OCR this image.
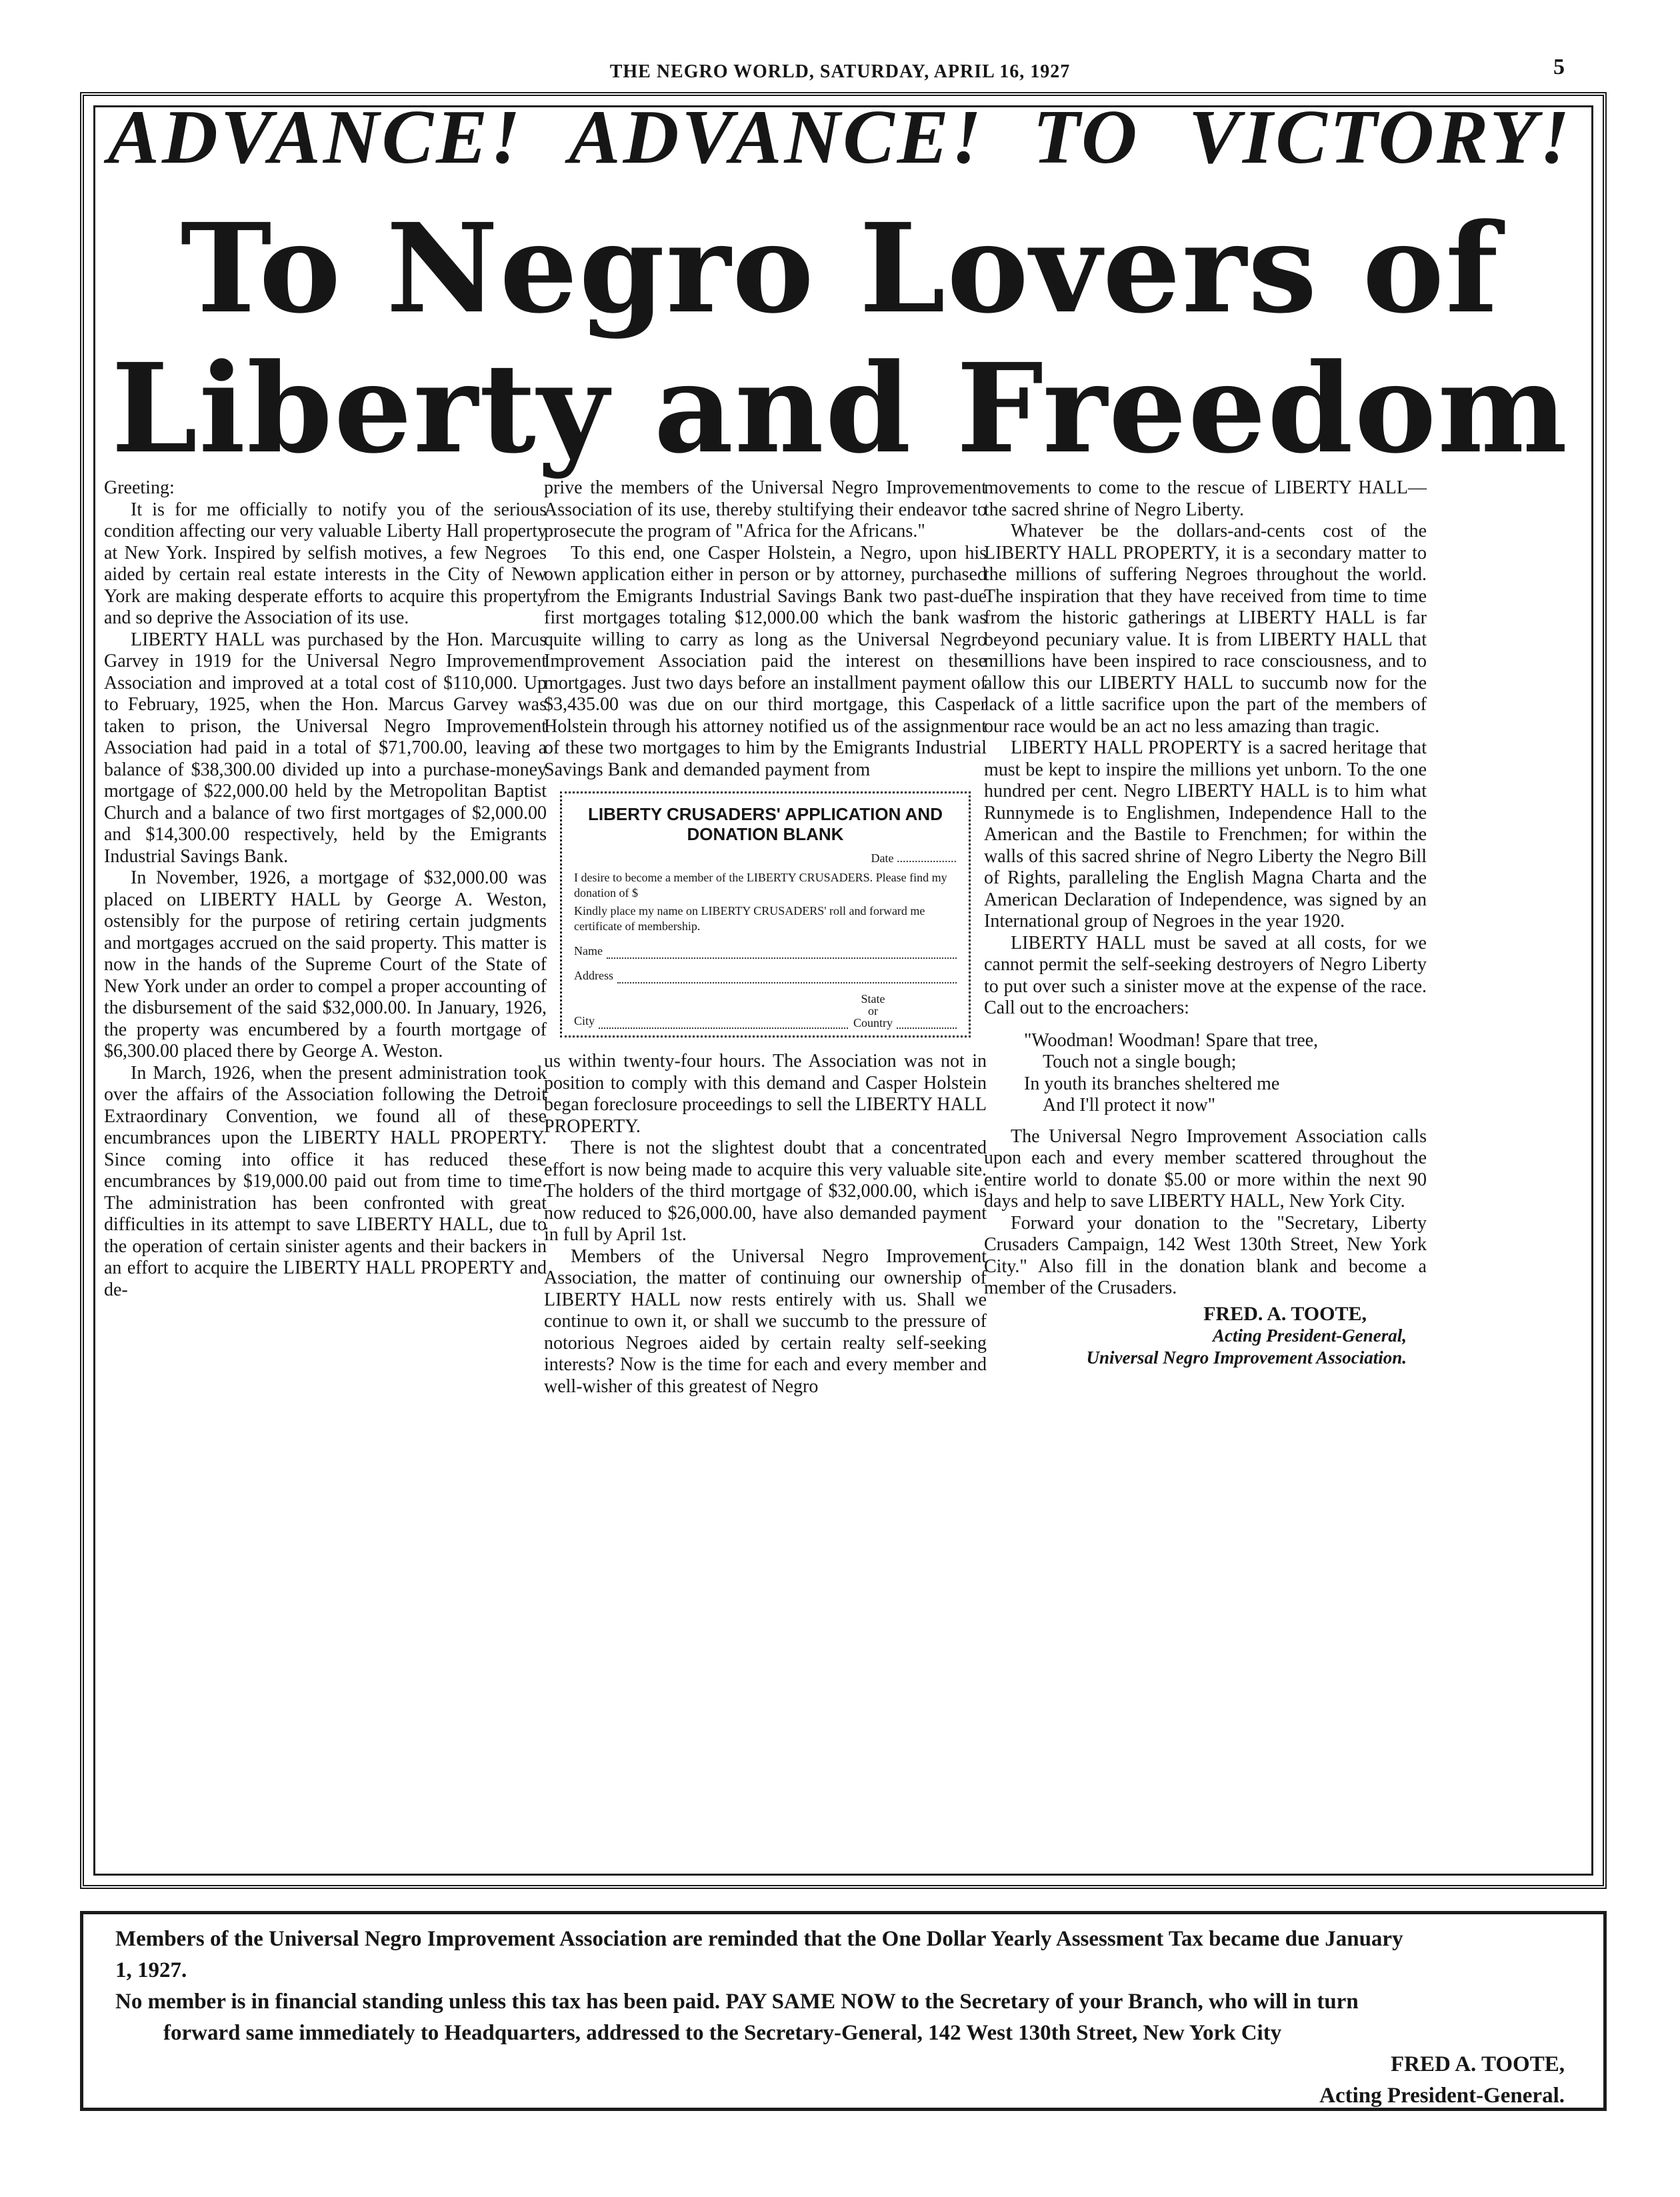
THE NEGRO WORLD, SATURDAY, APRIL 16, 1927	5
ADVANCE! ADVANCE! TO VICTORY!
To Negro Lovers of
Liberty and Freedom

Greeting:

It is for me officially to notify you of the serious condition affecting our very valuable Liberty Hall property at New York. Inspired by selfish motives, a few Negroes aided by certain real estate interests in the City of New York are making desperate efforts to acquire this property and so deprive the Association of its use.

LIBERTY HALL was purchased by the Hon. Marcus Garvey in 1919 for the Universal Negro Improvement Association and improved at a total cost of $110,000. Up to February, 1925, when the Hon. Marcus Garvey was taken to prison, the Universal Negro Improvement Association had paid in a total of $71,700.00, leaving a balance of $38,300.00 divided up into a purchase-money mortgage of $22,000.00 held by the Metropolitan Baptist Church and a balance of two first mortgages of $2,000.00 and $14,300.00 respectively, held by the Emigrants Industrial Savings Bank.

In November, 1926, a mortgage of $32,000.00 was placed on LIBERTY HALL by George A. Weston, ostensibly for the purpose of retiring certain judgments and mortgages accrued on the said property. This matter is now in the hands of the Supreme Court of the State of New York under an order to compel a proper accounting of the disbursement of the said $32,000.00. In January, 1926, the property was encumbered by a fourth mortgage of $6,300.00 placed there by George A. Weston.

In March, 1926, when the present administration took over the affairs of the Association following the Detroit Extraordinary Convention, we found all of these encumbrances upon the LIBERTY HALL PROPERTY. Since coming into office it has reduced these encumbrances by $19,000.00 paid out from time to time. The administration has been confronted with great difficulties in its attempt to save LIBERTY HALL, due to the operation of certain sinister agents and their backers in an effort to acquire the LIBERTY HALL PROPERTY and de-

prive the members of the Universal Negro Improvement Association of its use, thereby stultifying their endeavor to prosecute the program of "Africa for the Africans."

To this end, one Casper Holstein, a Negro, upon his own application either in person or by attorney, purchased from the Emigrants Industrial Savings Bank two past-due first mortgages totaling $12,000.00 which the bank was quite willing to carry as long as the Universal Negro Improvement Association paid the interest on these mortgages. Just two days before an installment payment of $3,435.00 was due on our third mortgage, this Casper Holstein through his attorney notified us of the assignment of these two mortgages to him by the Emigrants Industrial Savings Bank and demanded payment from

LIBERTY CRUSADERS' APPLICATION AND
DONATION BLANK
Date ....................
I desire to become a member of the LIBERTY CRUSADERS. Please find my donation of $
Kindly place my name on LIBERTY CRUSADERS' roll and forward me certificate of membership.
Name
Address
City
State
or
Country

us within twenty-four hours. The Association was not in position to comply with this demand and Casper Holstein began foreclosure proceedings to sell the LIBERTY HALL PROPERTY.

There is not the slightest doubt that a concentrated effort is now being made to acquire this very valuable site. The holders of the third mortgage of $32,000.00, which is now reduced to $26,000.00, have also demanded payment in full by April 1st.

Members of the Universal Negro Improvement Association, the matter of continuing our ownership of LIBERTY HALL now rests entirely with us. Shall we continue to own it, or shall we succumb to the pressure of notorious Negroes aided by certain realty self-seeking interests? Now is the time for each and every member and well-wisher of this greatest of Negro

movements to come to the rescue of LIBERTY HALL—the sacred shrine of Negro Liberty.

Whatever be the dollars-and-cents cost of the LIBERTY HALL PROPERTY, it is a secondary matter to the millions of suffering Negroes throughout the world. The inspiration that they have received from time to time from the historic gatherings at LIBERTY HALL is far beyond pecuniary value. It is from LIBERTY HALL that millions have been inspired to race consciousness, and to allow this our LIBERTY HALL to succumb now for the lack of a little sacrifice upon the part of the members of our race would be an act no less amazing than tragic.

LIBERTY HALL PROPERTY is a sacred heritage that must be kept to inspire the millions yet unborn. To the one hundred per cent. Negro LIBERTY HALL is to him what Runnymede is to Englishmen, Independence Hall to the American and the Bastile to Frenchmen; for within the walls of this sacred shrine of Negro Liberty the Negro Bill of Rights, paralleling the English Magna Charta and the American Declaration of Independence, was signed by an International group of Negroes in the year 1920.

LIBERTY HALL must be saved at all costs, for we cannot permit the self-seeking destroyers of Negro Liberty to put over such a sinister move at the expense of the race. Call out to the encroachers:

"Woodman! Woodman! Spare that tree,
Touch not a single bough;
In youth its branches sheltered me
And I'll protect it now"

The Universal Negro Improvement Association calls upon each and every member scattered throughout the entire world to donate $5.00 or more within the next 90 days and help to save LIBERTY HALL, New York City.

Forward your donation to the "Secretary, Liberty Crusaders Campaign, 142 West 130th Street, New York City." Also fill in the donation blank and become a member of the Crusaders.

FRED. A. TOOTE,
Acting President-General,
Universal Negro Improvement Association.
Members of the Universal Negro Improvement Association are reminded that the One Dollar Yearly Assessment Tax became due January
1, 1927.
No member is in financial standing unless this tax has been paid. PAY SAME NOW to the Secretary of your Branch, who will in turn
forward same immediately to Headquarters, addressed to the Secretary-General, 142 West 130th Street, New York City
FRED A. TOOTE,
Acting President-General.
